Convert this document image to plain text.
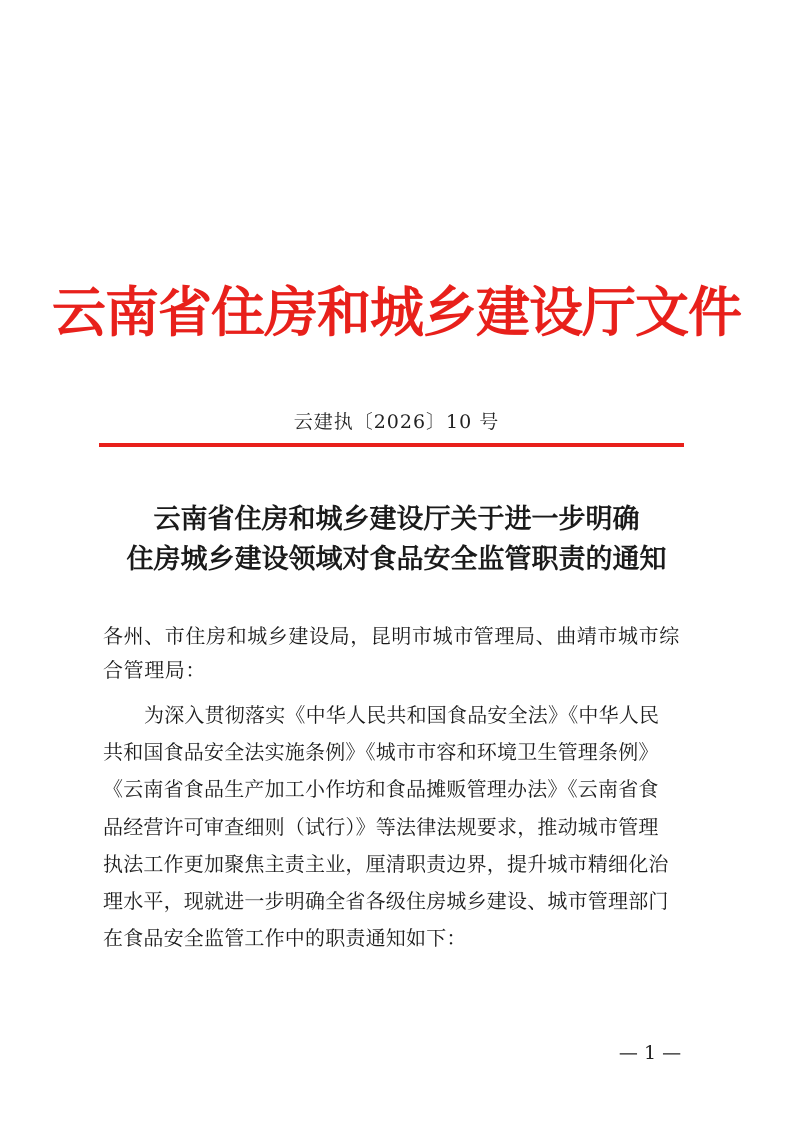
云南省住房和城乡建设厅文件
云建执〔2026〕10 号
云南省住房和城乡建设厅关于进一步明确
住房城乡建设领域对食品安全监管职责的通知
各州、市住房和城乡建设局，昆明市城市管理局、曲靖市城市综
合管理局：
为深入贯彻落实《中华人民共和国食品安全法》《中华人民
共和国食品安全法实施条例》《城市市容和环境卫生管理条例》
《云南省食品生产加工小作坊和食品摊贩管理办法》《云南省食
品经营许可审查细则（试行）》等法律法规要求，推动城市管理
执法工作更加聚焦主责主业，厘清职责边界，提升城市精细化治
理水平，现就进一步明确全省各级住房城乡建设、城市管理部门
在食品安全监管工作中的职责通知如下：
— 1 —
